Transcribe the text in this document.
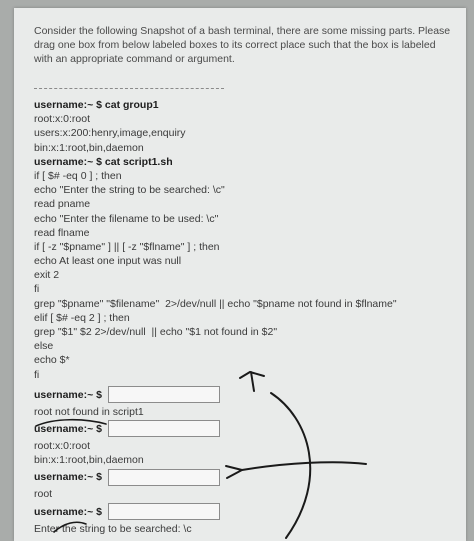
Consider the following Snapshot of a bash terminal, there are some missing parts. Please drag one box from below labeled boxes to its correct place such that the box is labeled with an appropriate command or argument.
username:~ $ cat group1
root:x:0:root
users:x:200:henry,image,enquiry
bin:x:1:root,bin,daemon
username:~ $ cat script1.sh
if [ $# -eq 0 ] ; then
echo "Enter the string to be searched: \c"
read pname
echo "Enter the filename to be used: \c"
read flname
if [ -z "$pname" ] || [ -z "$flname" ] ; then
echo At least one input was null
exit 2
fi
grep "$pname" "$filename"  2>/dev/null || echo "$pname not found in $flname"
elif [ $# -eq 2 ] ; then
grep "$1" $2 2>/dev/null  || echo "$1 not found in $2"
else
echo $*
fi
username:~ $
root not found in script1
username:~ $
root:x:0:root
bin:x:1:root,bin,daemon
username:~ $
root
username:~ $
Enter the string to be searched: \c
